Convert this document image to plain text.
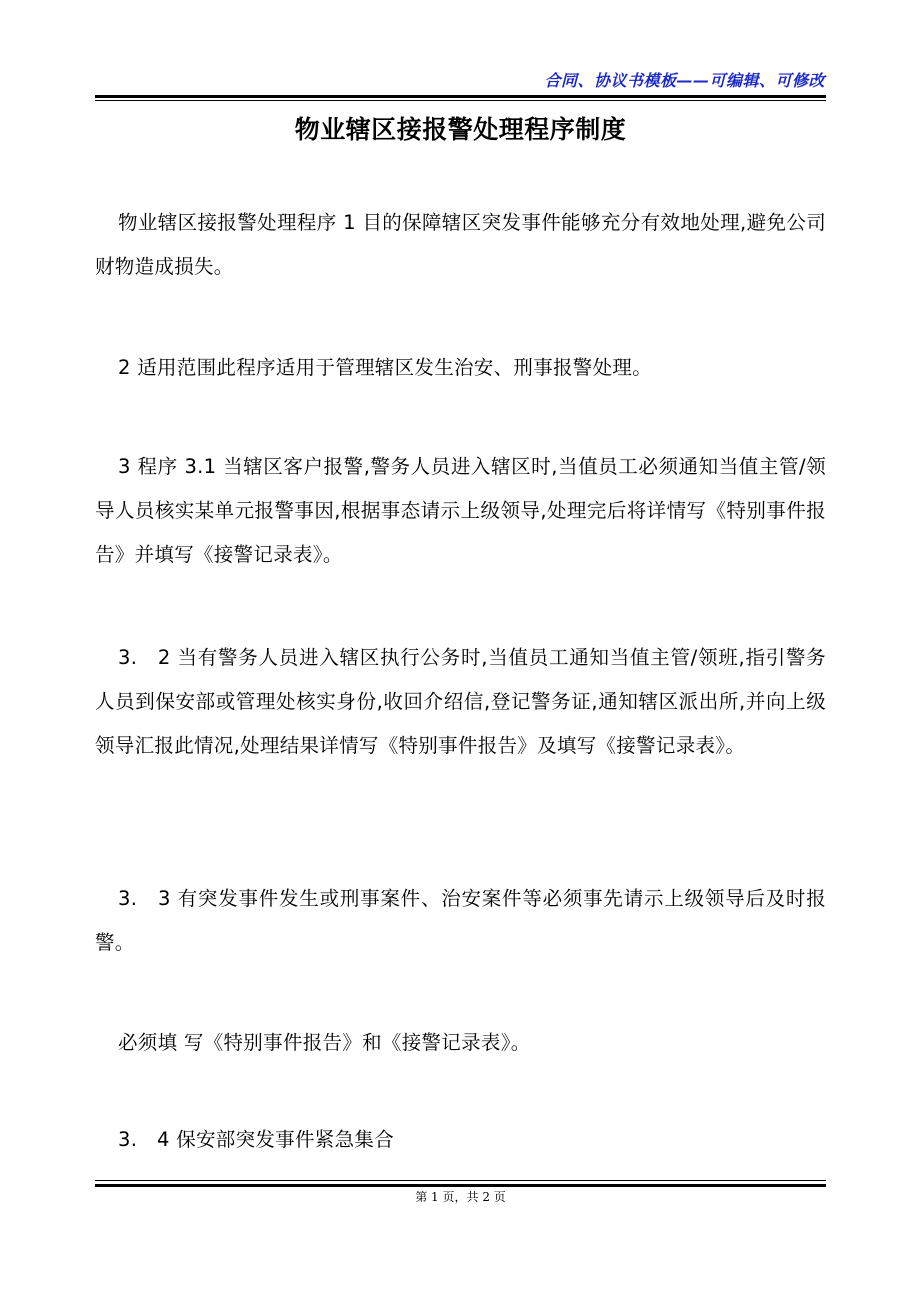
合同、协议书模板——可编辑、可修改
物业辖区接报警处理程序制度

物业辖区接报警处理程序 1 目的保障辖区突发事件能够充分有效地处理,避免公司财物造成损失。

2 适用范围此程序适用于管理辖区发生治安、刑事报警处理。

3 程序 3.1 当辖区客户报警,警务人员进入辖区时,当值员工必须通知当值主管/领导人员核实某单元报警事因,根据事态请示上级领导,处理完后将详情写《特别事件报告》并填写《接警记录表》。

3.　2 当有警务人员进入辖区执行公务时,当值员工通知当值主管/领班,指引警务人员到保安部或管理处核实身份,收回介绍信,登记警务证,通知辖区派出所,并向上级领导汇报此情况,处理结果详情写《特别事件报告》及填写《接警记录表》。

3.　3 有突发事件发生或刑事案件、治安案件等必须事先请示上级领导后及时报警。

必须填 写《特别事件报告》和《接警记录表》。

3.　4 保安部突发事件紧急集合

第 1 页，共 2 页
